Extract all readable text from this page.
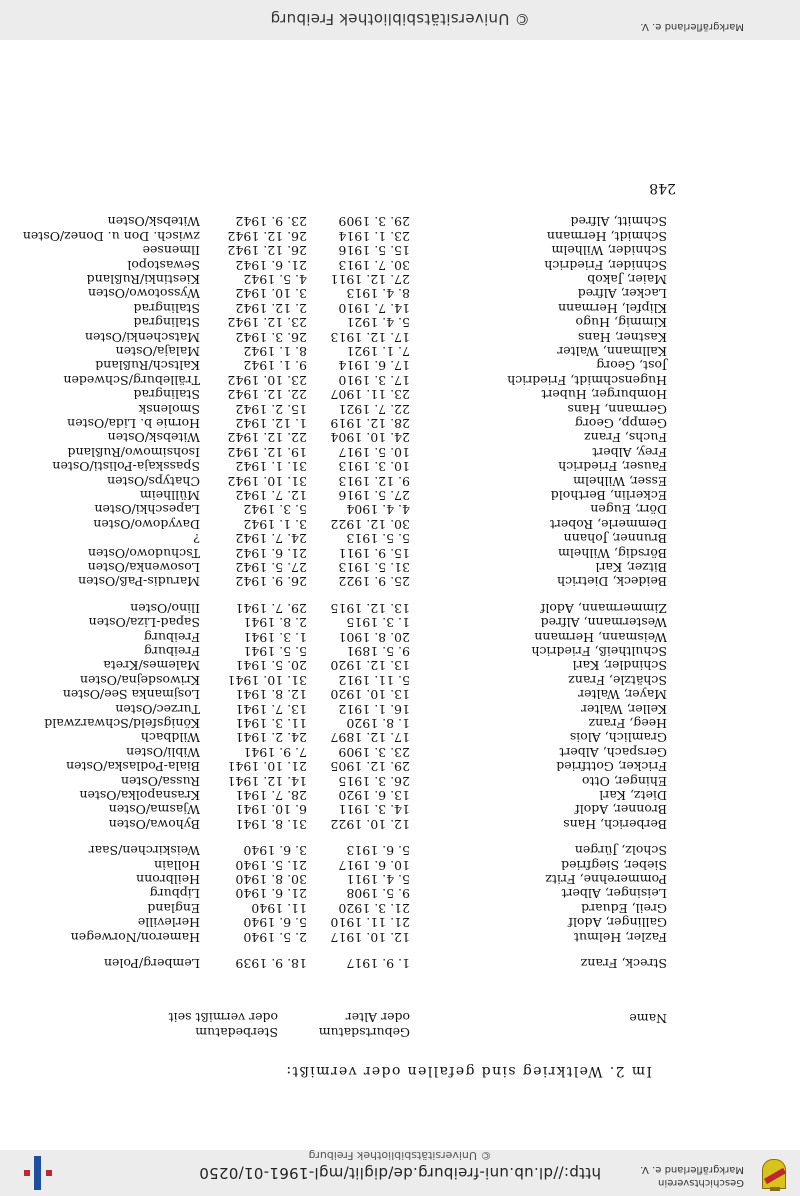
Geschichtsverein
Markgräflerland e. V.
http://dl.ub.uni-freiburg.de/diglit/mgl-1961-01/0250
© Universitätsbibliothek Freiburg
Im 2. Weltkrieg sind gefallen oder vermißt:
Name
Geburtsdatum
oder Alter
Sterbedatum
oder vermißt seit
Streck, Franz
1. 9. 1917
18. 9. 1939
Lemberg/Polen
Fazler, Helmut
12. 10. 1917
2. 5. 1940
Hameron/Norwegen
Gallinger, Adolf
21. 11. 1910
5. 6. 1940
Herleville
Greil, Eduard
21. 3. 1920
11. 1940
England
Leisinger, Albert
9. 5. 1908
21. 6. 1940
Lipburg
Pommerehne, Fritz
5. 4. 1911
30. 8. 1940
Heilbronn
Sieber, Siegfried
10. 6. 1917
21. 5. 1940
Hollain
Scholz, Jürgen
5. 6. 1913
3. 6. 1940
Weiskirchen/Saar
Berberich, Hans
12. 10. 1922
31. 8. 1941
Byhowa/Osten
Bronner, Adolf
14. 3. 1911
6. 10. 1941
Wjasma/Osten
Dietz, Karl
13. 6. 1920
28. 7. 1941
Krasnapolka/Osten
Ehinger, Otto
26. 3. 1915
14. 12. 1941
Russa/Osten
Fricker, Gottfried
29. 12. 1905
21. 10. 1941
Biala-Podlaska/Osten
Gerspach, Albert
23. 3. 1909
7. 9. 1941
Wibli/Osten
Gramlich, Alois
17. 12. 1897
24. 2. 1941
Wildbach
Heeg, Franz
1. 8. 1920
11. 3. 1941
Königsfeld/Schwarzwald
Keller, Walter
16. 1. 1912
13. 7. 1941
Turzec/Osten
Mayer, Walter
13. 10. 1920
12. 8. 1941
Losjmanka See/Osten
Schätzle, Franz
5. 11. 1912
31. 10. 1941
Kriwosdejna/Osten
Schindler, Karl
13. 12. 1920
20. 5. 1941
Malemes/Kreta
Schultheiß, Friedrich
9. 5. 1891
5. 5. 1941
Freiburg
Weismann, Hermann
20. 8. 1901
1. 3. 1941
Freiburg
Westermann, Alfred
1. 3. 1915
2. 8. 1941
Sapad-Liza/Osten
Zimmermann, Adolf
13. 12. 1915
29. 7. 1941
Ilino/Osten
Beideck, Dietrich
25. 9. 1922
26. 9. 1942
Marudis-Paß/Osten
Bitzer, Karl
31. 5. 1913
27. 5. 1942
Losowenka/Osten
Börsdig, Wilhelm
15. 9. 1911
21. 6. 1942
Tschudowo/Osten
Brunner, Johann
5. 5. 1913
24. 7. 1942
?
Demmerle, Robert
30. 12. 1922
3. 1. 1942
Davydowo/Osten
Dörr, Eugen
4. 4. 1904
5. 3. 1942
Lapeschki/Osten
Eckerlin, Berthold
27. 5. 1916
12. 7. 1942
Müllheim
Esser, Wilhelm
9. 12. 1913
31. 10. 1942
Chatyps/Osten
Fauser, Friedrich
10. 3. 1913
31. 1. 1942
Spasskaja-Polisti/Osten
Frey, Albert
10. 5. 1917
19. 12. 1942
Isohsimowo/Rußland
Fuchs, Franz
24. 10. 1904
22. 12. 1942
Witebsk/Osten
Gempp, Georg
28. 12. 1919
1. 12. 1942
Hornie b. Lida/Osten
Germann, Hans
22. 7. 1921
15. 2. 1942
Smolensk
Homburger, Hubert
23. 11. 1907
22. 12. 1942
Stalingrad
Hugenschmidt, Friedrich
17. 3. 1910
23. 10. 1942
Trälleburg/Schweden
Jost, Georg
17. 6. 1914
9. 1. 1942
Kaltsch/Rußland
Kallmann, Walter
7. 1. 1921
8. 1. 1942
Malaja/Osten
Kastner, Hans
17. 12. 1913
26. 3. 1942
Matschenki/Osten
Kimmig, Hugo
5. 4. 1921
23. 12. 1942
Stalingrad
Klipfel, Hermann
14. 7. 1910
2. 12. 1942
Stalingrad
Lacker, Alfred
8. 4. 1913
3. 10. 1942
Wyssotowo/Osten
Maier, Jakob
27. 12. 1911
4. 5. 1942
Kiestinki/Rußland
Schnider, Friedrich
30. 7. 1913
21. 6. 1942
Sewastopol
Schnider, Wilhelm
15. 5. 1916
26. 12. 1942
Ilmensee
Schmidt, Hermann
23. 1. 1914
26. 12. 1942
zwisch. Don u. Donez/Osten
Schmitt, Alfred
29. 3. 1909
23. 9. 1942
Witebsk/Osten
248
© Universitätsbibliothek Freiburg	Markgräflerland e. V.
